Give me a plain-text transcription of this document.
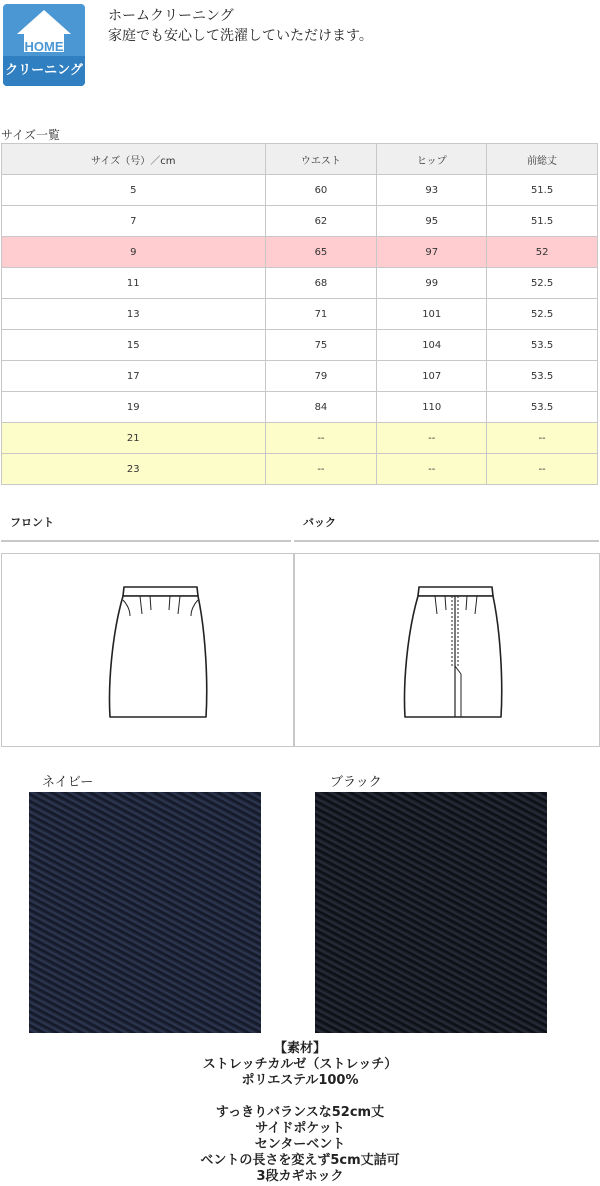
HOME
クリーニング
ホームクリーニング
家庭でも安心して洗濯していただけます。
サイズ一覧
サイズ（号）／cm	ウエスト	ヒップ	前総丈
5	60	93	51.5
7	62	95	51.5
9	65	97	52
11	68	99	52.5
13	71	101	52.5
15	75	104	53.5
17	79	107	53.5
19	84	110	53.5
21	--	--	--
23	--	--	--
フロント	バック
ネイビー	ブラック
【素材】
ストレッチカルゼ（ストレッチ）
ポリエステル100%
すっきりバランスな52cm丈
サイドポケット
センターベント
ベントの長さを変えず5cm丈詰可
3段カギホック
